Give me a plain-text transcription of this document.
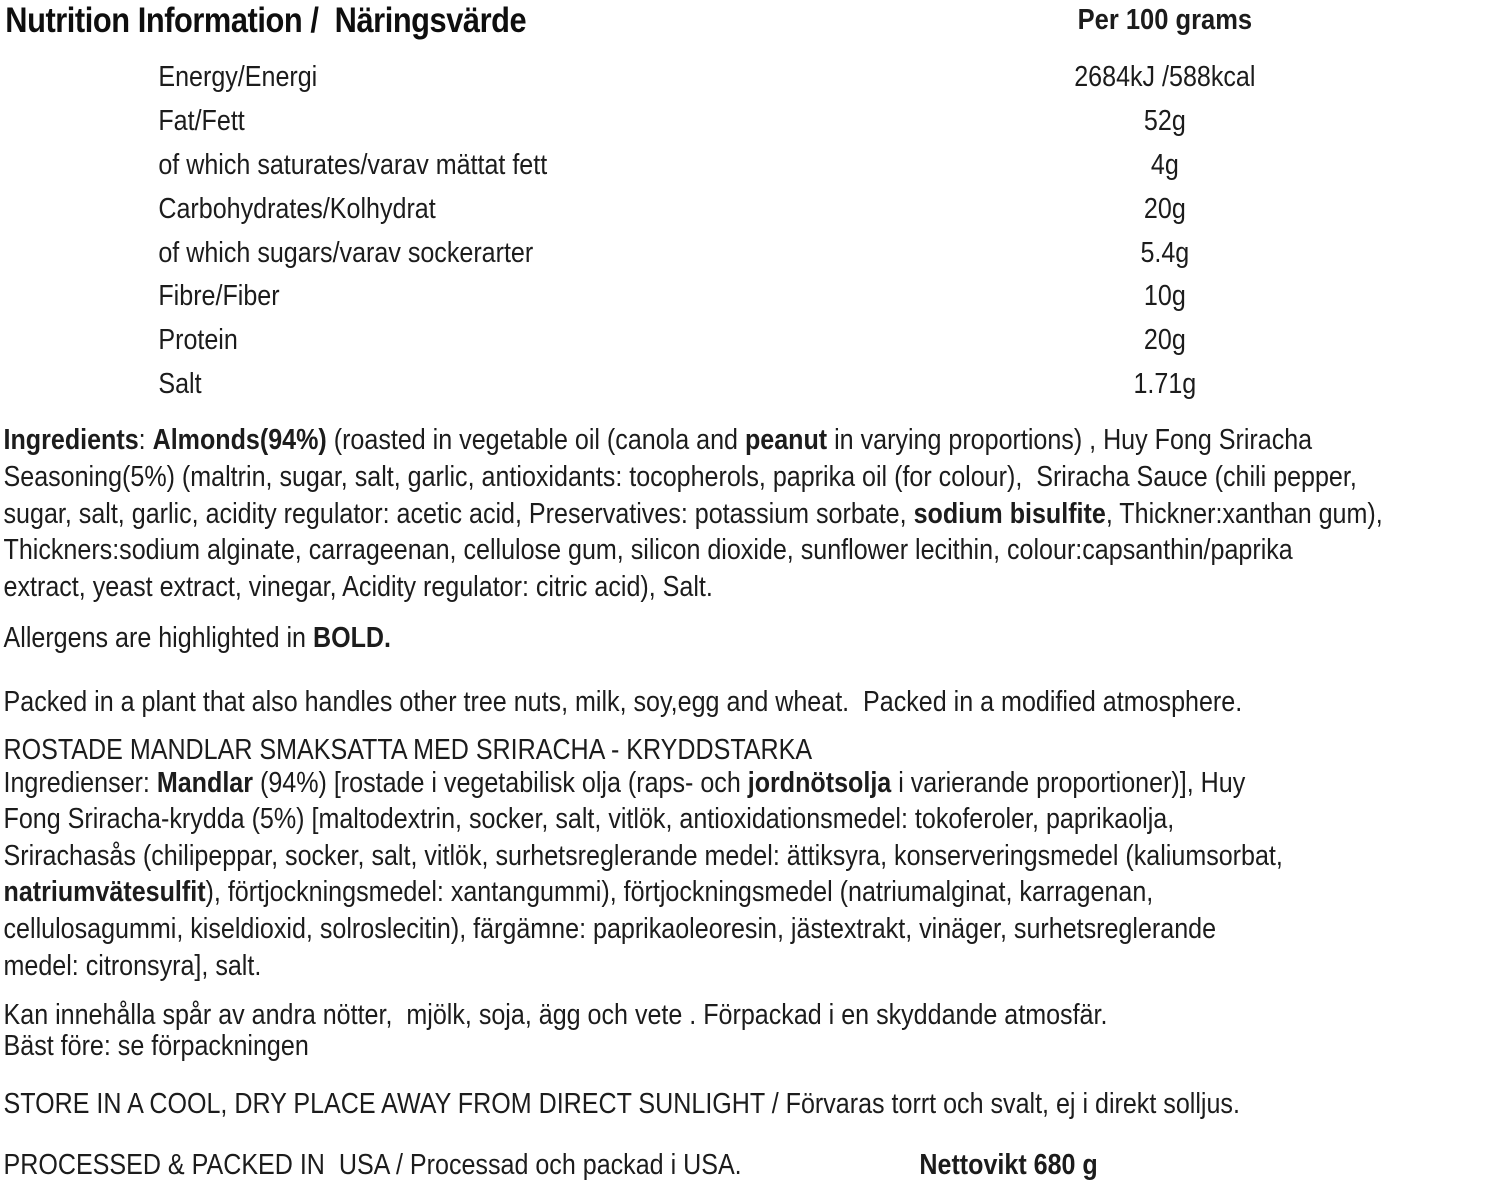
Nutrition Information /  Näringsvärde	Per 100 grams
Energy/Energi	2684kJ /588kcal
Fat/Fett	52g
of which saturates/varav mättat fett	4g
Carbohydrates/Kolhydrat	20g
of which sugars/varav sockerarter	5.4g
Fibre/Fiber	10g
Protein	20g
Salt	1.71g
Ingredients: Almonds(94%) (roasted in vegetable oil (canola and peanut in varying proportions) , Huy Fong Sriracha
Seasoning(5%) (maltrin, sugar, salt, garlic, antioxidants: tocopherols, paprika oil (for colour),  Sriracha Sauce (chili pepper,
sugar, salt, garlic, acidity regulator: acetic acid, Preservatives: potassium sorbate, sodium bisulfite, Thickner:xanthan gum),
Thickners:sodium alginate, carrageenan, cellulose gum, silicon dioxide, sunflower lecithin, colour:capsanthin/paprika
extract, yeast extract, vinegar, Acidity regulator: citric acid), Salt.
Allergens are highlighted in BOLD.
Packed in a plant that also handles other tree nuts, milk, soy,egg and wheat.  Packed in a modified atmosphere.
ROSTADE MANDLAR SMAKSATTA MED SRIRACHA - KRYDDSTARKA
Ingredienser: Mandlar (94%) [rostade i vegetabilisk olja (raps- och jordnötsolja i varierande proportioner)], Huy
Fong Sriracha-krydda (5%) [maltodextrin, socker, salt, vitlök, antioxidationsmedel: tokoferoler, paprikaolja,
Srirachasås (chilipeppar, socker, salt, vitlök, surhetsreglerande medel: ättiksyra, konserveringsmedel (kaliumsorbat,
natriumvätesulfit), förtjockningsmedel: xantangummi), förtjockningsmedel (natriumalginat, karragenan,
cellulosagummi, kiseldioxid, solroslecitin), färgämne: paprikaoleoresin, jästextrakt, vinäger, surhetsreglerande
medel: citronsyra], salt.
Kan innehålla spår av andra nötter,  mjölk, soja, ägg och vete . Förpackad i en skyddande atmosfär.
Bäst före: se förpackningen
STORE IN A COOL, DRY PLACE AWAY FROM DIRECT SUNLIGHT / Förvaras torrt och svalt, ej i direkt solljus.
PROCESSED & PACKED IN  USA / Processad och packad i USA.	Nettovikt 680 g
